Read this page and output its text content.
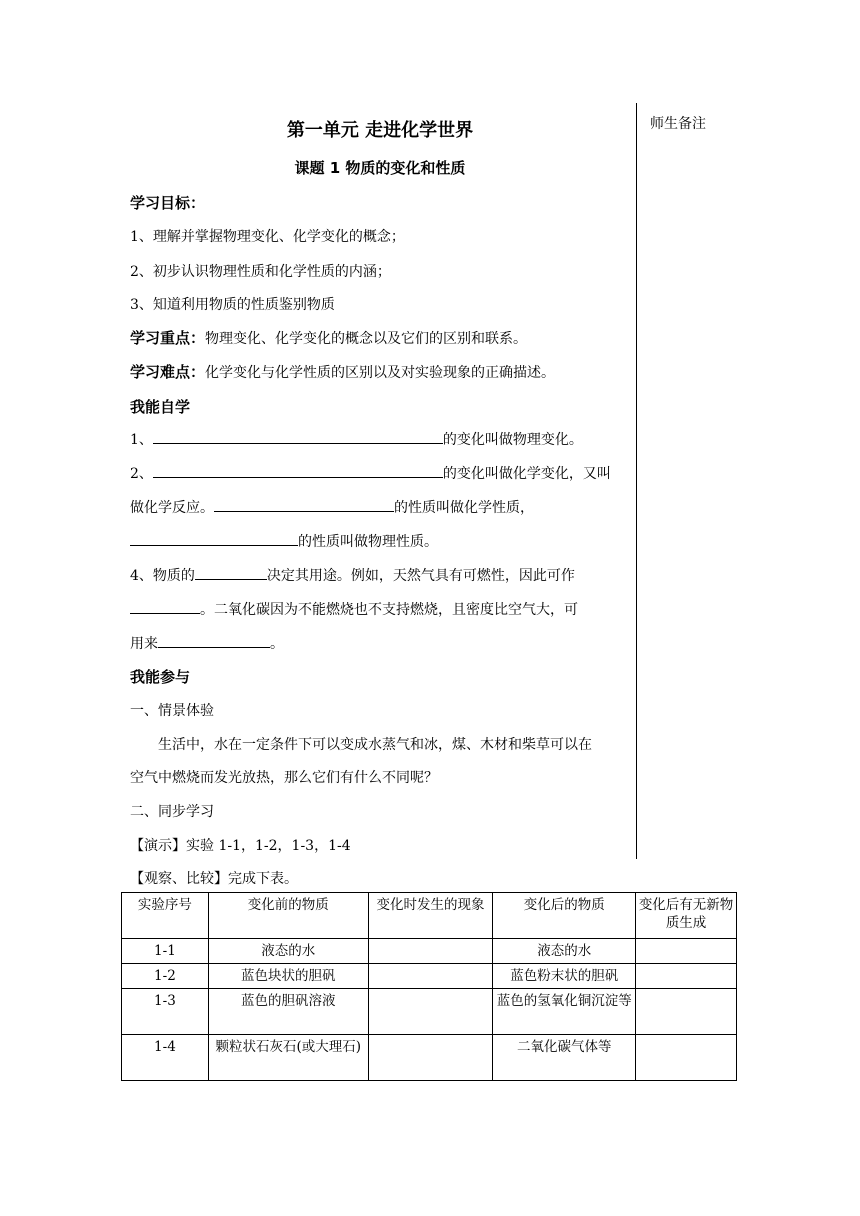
师生备注
第一单元 走进化学世界
课题 1 物质的变化和性质
学习目标：
1、理解并掌握物理变化、化学变化的概念；
2、初步认识物理性质和化学性质的内涵；
3、知道利用物质的性质鉴别物质
学习重点：物理变化、化学变化的概念以及它们的区别和联系。
学习难点：化学变化与化学性质的区别以及对实验现象的正确描述。
我能自学
1、	的变化叫做物理变化。
2、	的变化叫做化学变化，又叫
做化学反应。	的性质叫做化学性质，
的性质叫做物理性质。
4、物质的	决定其用途。例如，天然气具有可燃性，因此可作
。二氧化碳因为不能燃烧也不支持燃烧，且密度比空气大，可
用来	。
我能参与
一、情景体验
生活中，水在一定条件下可以变成水蒸气和冰，煤、木材和柴草可以在
空气中燃烧而发光放热，那么它们有什么不同呢？
二、同步学习
【演示】实验 1-1，1-2，1-3，1-4
【观察、比较】完成下表。
实验序号	变化前的物质	变化时发生的现象	变化后的物质	变化后有无新物质生成
1-1	液态的水		液态的水	
1-2	蓝色块状的胆矾		蓝色粉末状的胆矾	
1-3	蓝色的胆矾溶液		蓝色的氢氧化铜沉淀等	
1-4	颗粒状石灰石(或大理石)		二氧化碳气体等	
